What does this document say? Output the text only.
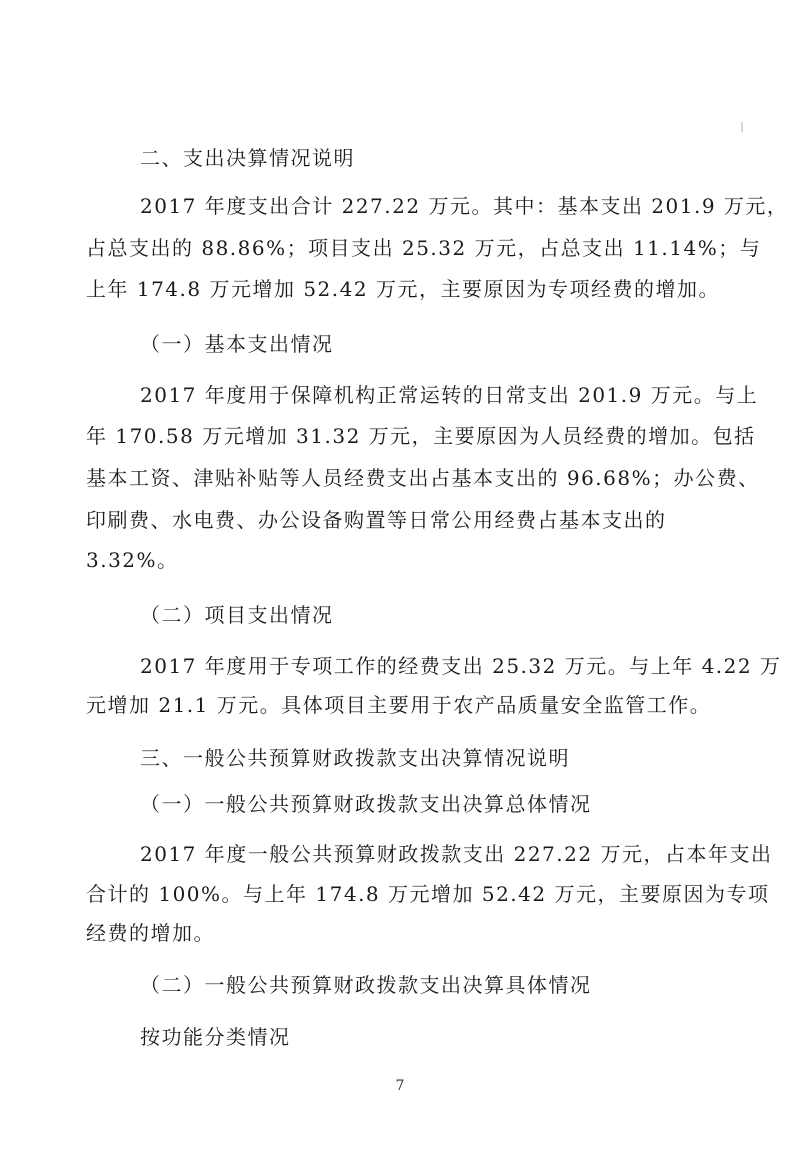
二、支出决算情况说明
2017 年度支出合计 227.22 万元。其中：基本支出 201.9 万元，
占总支出的 88.86%；项目支出 25.32 万元，占总支出 11.14%；与
上年 174.8 万元增加 52.42 万元，主要原因为专项经费的增加。
（一）基本支出情况
2017 年度用于保障机构正常运转的日常支出 201.9 万元。与上
年 170.58 万元增加 31.32 万元，主要原因为人员经费的增加。包括
基本工资、津贴补贴等人员经费支出占基本支出的 96.68%；办公费、
印刷费、水电费、办公设备购置等日常公用经费占基本支出的
3.32%。
（二）项目支出情况
2017 年度用于专项工作的经费支出 25.32 万元。与上年 4.22 万
元增加 21.1 万元。具体项目主要用于农产品质量安全监管工作。
三、一般公共预算财政拨款支出决算情况说明
（一）一般公共预算财政拨款支出决算总体情况
2017 年度一般公共预算财政拨款支出 227.22 万元，占本年支出
合计的 100%。与上年 174.8 万元增加 52.42 万元，主要原因为专项
经费的增加。
（二）一般公共预算财政拨款支出决算具体情况
按功能分类情况
7
